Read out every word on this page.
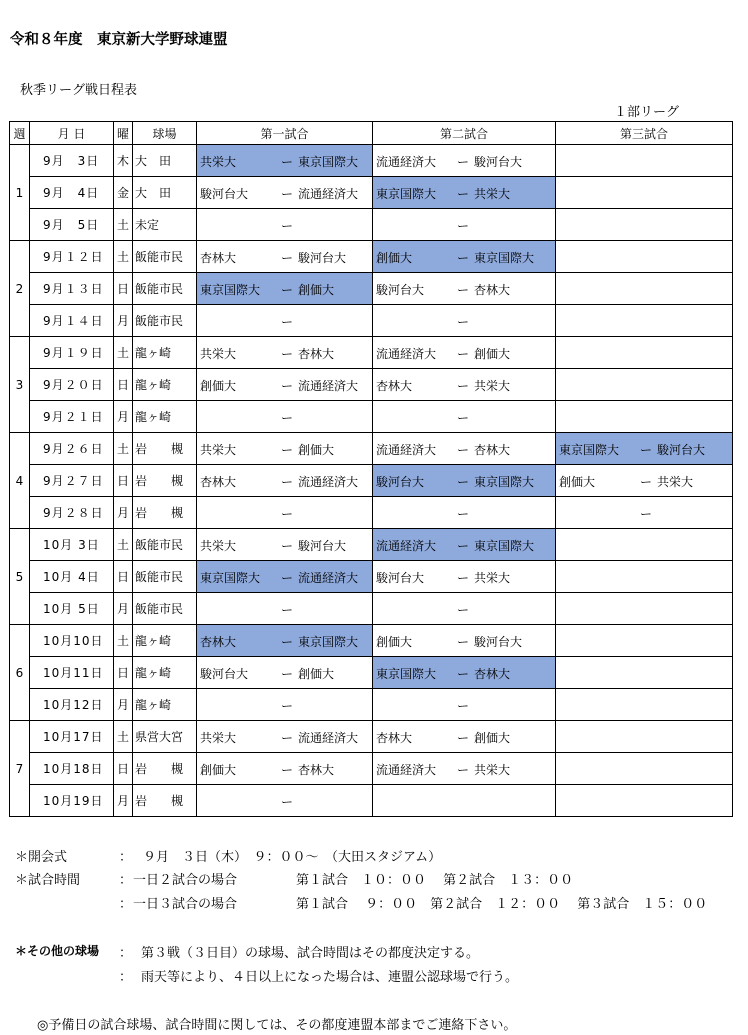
令和８年度　東京新大学野球連盟
秋季リーグ戦日程表
１部リーグ
週	月 日	曜	球場	第一試合	第二試合	第三試合
1	9月　3日	木	大　田	共栄大 ー 東京国際大	流通経済大 ー 駿河台大	

	9月　4日	金	大　田	駿河台大 ー 流通経済大	東京国際大 ー 共栄大	

	9月　5日	土	未定	ー	ー	

2	9月１２日	土	飯能市民	杏林大 ー 駿河台大	創価大 ー 東京国際大	

	9月１３日	日	飯能市民	東京国際大 ー 創価大	駿河台大 ー 杏林大	

	9月１４日	月	飯能市民	ー	ー	

3	9月１９日	土	龍ヶ崎	共栄大 ー 杏林大	流通経済大 ー 創価大	

	9月２０日	日	龍ヶ崎	創価大 ー 流通経済大	杏林大 ー 共栄大	

	9月２１日	月	龍ヶ崎	ー	ー	

4	9月２６日	土	岩　　槻	共栄大 ー 創価大	流通経済大 ー 杏林大	東京国際大 ー 駿河台大

	9月２７日	日	岩　　槻	杏林大 ー 流通経済大	駿河台大 ー 東京国際大	創価大 ー 共栄大

	9月２８日	月	岩　　槻	ー	ー	ー

5	10月 3日	土	飯能市民	共栄大 ー 駿河台大	流通経済大 ー 東京国際大	

	10月 4日	日	飯能市民	東京国際大 ー 流通経済大	駿河台大 ー 共栄大	

	10月 5日	月	飯能市民	ー	ー	

6	10月10日	土	龍ヶ崎	杏林大 ー 東京国際大	創価大 ー 駿河台大	

	10月11日	日	龍ヶ崎	駿河台大 ー 創価大	東京国際大 ー 杏林大	

	10月12日	月	龍ヶ崎	ー	ー	

7	10月17日	土	県営大宮	共栄大 ー 流通経済大	杏林大 ー 創価大	

	10月18日	日	岩　　槻	創価大 ー 杏林大	流通経済大 ー 共栄大	

	10月19日	月	岩　　槻	ー		

＊開会式	： ９月　３日（木）　９：００～　（大田スタジアム）
＊試合時間	： 一日２試合の場合	第１試合　１０：００　 第２試合　１３：００
： 一日３試合の場合	第１試合　 ９：００　第２試合　１２：００　 第３試合　１５：００
＊その他の球場 ： 第３戦（３日目）の球場、試合時間はその都度決定する。
： 雨天等により、４日以上になった場合は、連盟公認球場で行う。
◎予備日の試合球場、試合時間に関しては、その都度連盟本部までご連絡下さい。
